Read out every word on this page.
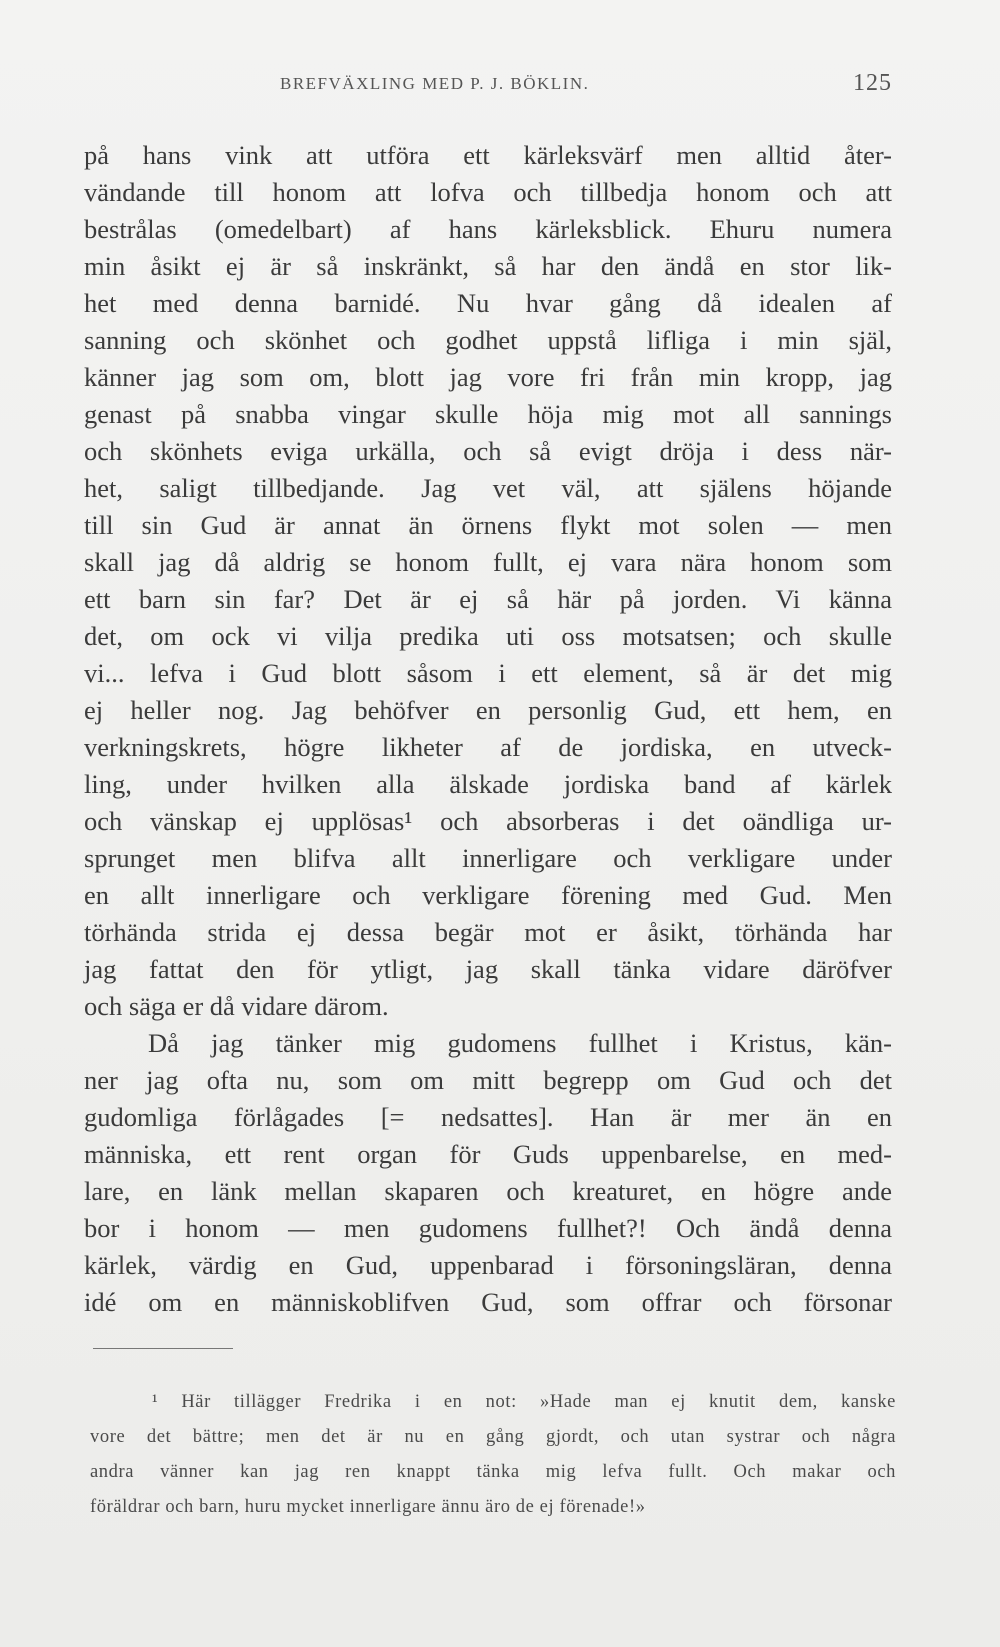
BREFVÄXLING MED P. J. BÖKLIN.	125
på hans vink att utföra ett kärleksvärf men alltid åter-
vändande till honom att lofva och tillbedja honom och att
bestrålas (omedelbart) af hans kärleksblick. Ehuru numera
min åsikt ej är så inskränkt, så har den ändå en stor lik-
het med denna barnidé. Nu hvar gång då idealen af
sanning och skönhet och godhet uppstå lifliga i min själ,
känner jag som om, blott jag vore fri från min kropp, jag
genast på snabba vingar skulle höja mig mot all sannings
och skönhets eviga urkälla, och så evigt dröja i dess när-
het, saligt tillbedjande. Jag vet väl, att själens höjande
till sin Gud är annat än örnens flykt mot solen — men
skall jag då aldrig se honom fullt, ej vara nära honom som
ett barn sin far? Det är ej så här på jorden. Vi känna
det, om ock vi vilja predika uti oss motsatsen; och skulle
vi... lefva i Gud blott såsom i ett element, så är det mig
ej heller nog. Jag behöfver en personlig Gud, ett hem, en
verkningskrets, högre likheter af de jordiska, en utveck-
ling, under hvilken alla älskade jordiska band af kärlek
och vänskap ej upplösas¹ och absorberas i det oändliga ur-
sprunget men blifva allt innerligare och verkligare under
en allt innerligare och verkligare förening med Gud. Men
törhända strida ej dessa begär mot er åsikt, törhända har
jag fattat den för ytligt, jag skall tänka vidare däröfver
och säga er då vidare därom.
Då jag tänker mig gudomens fullhet i Kristus, kän-
ner jag ofta nu, som om mitt begrepp om Gud och det
gudomliga förlågades [= nedsattes]. Han är mer än en
människa, ett rent organ för Guds uppenbarelse, en med-
lare, en länk mellan skaparen och kreaturet, en högre ande
bor i honom — men gudomens fullhet?! Och ändå denna
kärlek, värdig en Gud, uppenbarad i försoningsläran, denna
idé om en människoblifven Gud, som offrar och försonar
¹ Här tillägger Fredrika i en not: »Hade man ej knutit dem, kanske
vore det bättre; men det är nu en gång gjordt, och utan systrar och några
andra vänner kan jag ren knappt tänka mig lefva fullt. Och makar och
föräldrar och barn, huru mycket innerligare ännu äro de ej förenade!»
